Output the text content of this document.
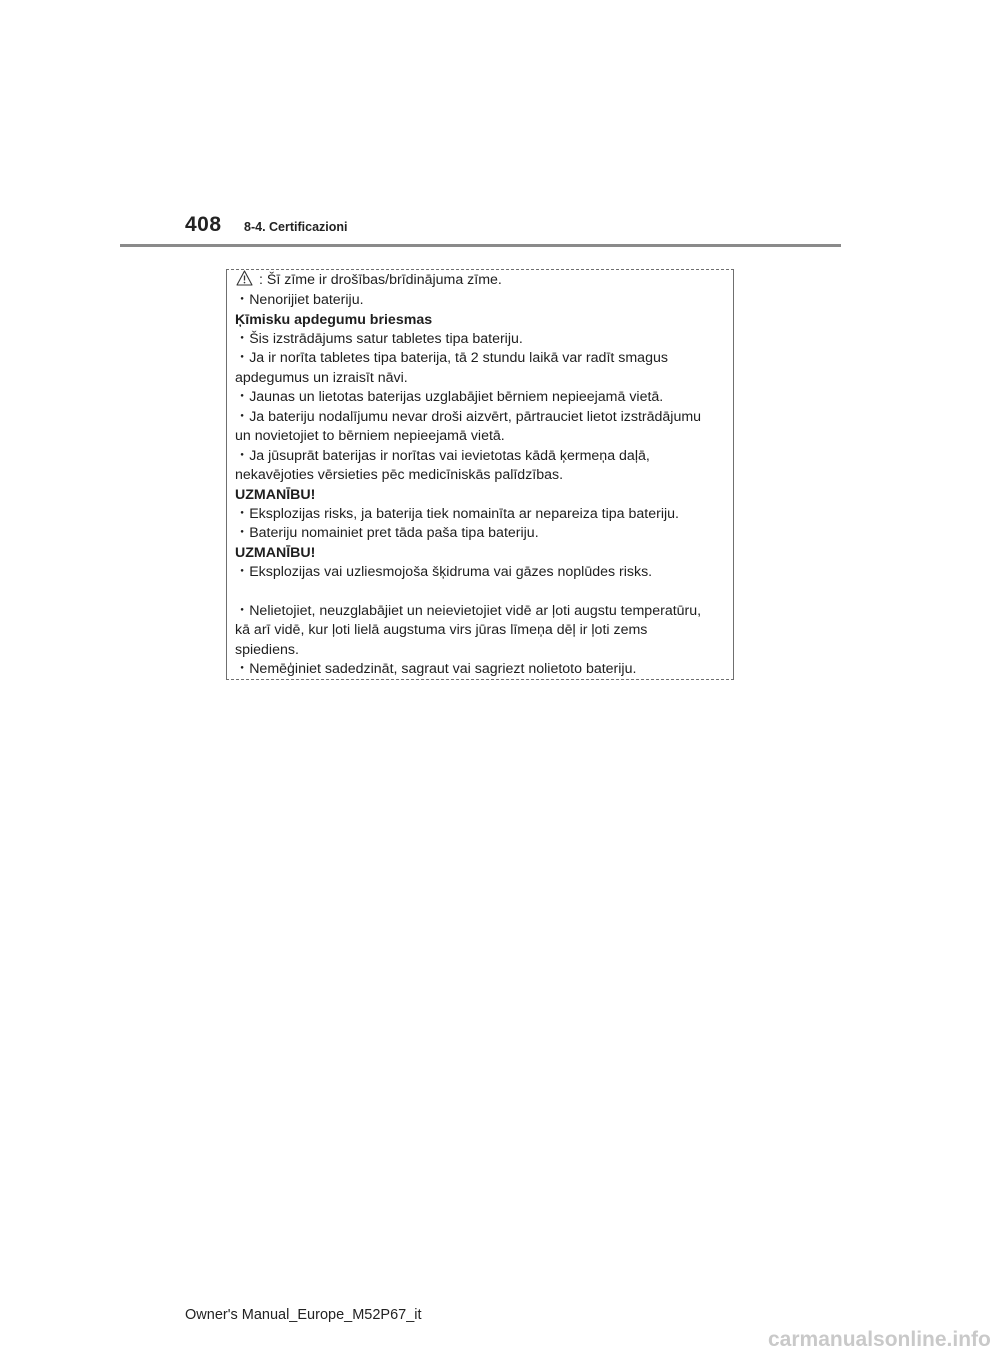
408 8-4. Certificazioni
: Šī zīme ir drošības/brīdinājuma zīme.
・Nenorijiet bateriju.
Ķīmisku apdegumu briesmas
・Šis izstrādājums satur tabletes tipa bateriju.
・Ja ir norīta tabletes tipa baterija, tā 2 stundu laikā var radīt smagus
apdegumus un izraisīt nāvi.
・Jaunas un lietotas baterijas uzglabājiet bērniem nepieejamā vietā.
・Ja bateriju nodalījumu nevar droši aizvērt, pārtrauciet lietot izstrādājumu
un novietojiet to bērniem nepieejamā vietā.
・Ja jūsuprāt baterijas ir norītas vai ievietotas kādā ķermeņa daļā,
nekavējoties vērsieties pēc medicīniskās palīdzības.
UZMANĪBU!
・Eksplozijas risks, ja baterija tiek nomainīta ar nepareiza tipa bateriju.
・Bateriju nomainiet pret tāda paša tipa bateriju.
UZMANĪBU!
・Eksplozijas vai uzliesmojoša šķidruma vai gāzes noplūdes risks.
・Nelietojiet, neuzglabājiet un neievietojiet vidē ar ļoti augstu temperatūru,
kā arī vidē, kur ļoti lielā augstuma virs jūras līmeņa dēļ ir ļoti zems
spiediens.
・Nemēģiniet sadedzināt, sagraut vai sagriezt nolietoto bateriju.
Owner's Manual_Europe_M52P67_it
carmanualsonline.info
